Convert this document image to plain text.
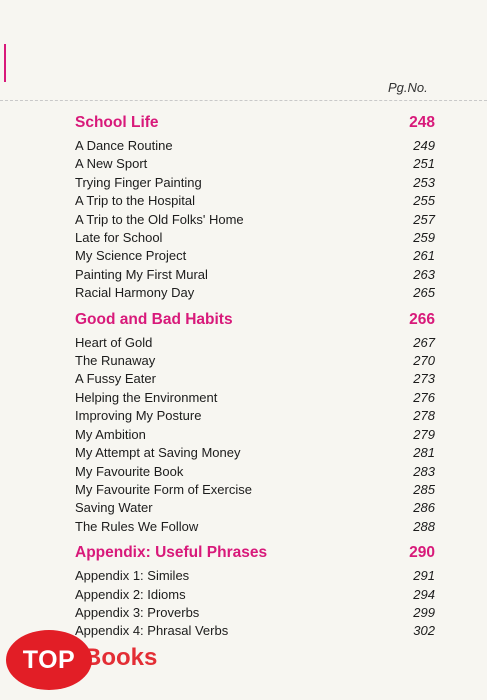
Pg.No.
School Life	248
A Dance Routine	249
A New Sport	251
Trying Finger Painting	253
A Trip to the Hospital	255
A Trip to the Old Folks' Home	257
Late for School	259
My Science Project	261
Painting My First Mural	263
Racial Harmony Day	265
Good and Bad Habits	266
Heart of Gold	267
The Runaway	270
A Fussy Eater	273
Helping the Environment	276
Improving My Posture	278
My Ambition	279
My Attempt at Saving Money	281
My Favourite Book	283
My Favourite Form of Exercise	285
Saving Water	286
The Rules We Follow	288
Appendix: Useful Phrases	290
Appendix 1: Similes	291
Appendix 2: Idioms	294
Appendix 3: Proverbs	299
Appendix 4: Phrasal Verbs	302
TOP Books
